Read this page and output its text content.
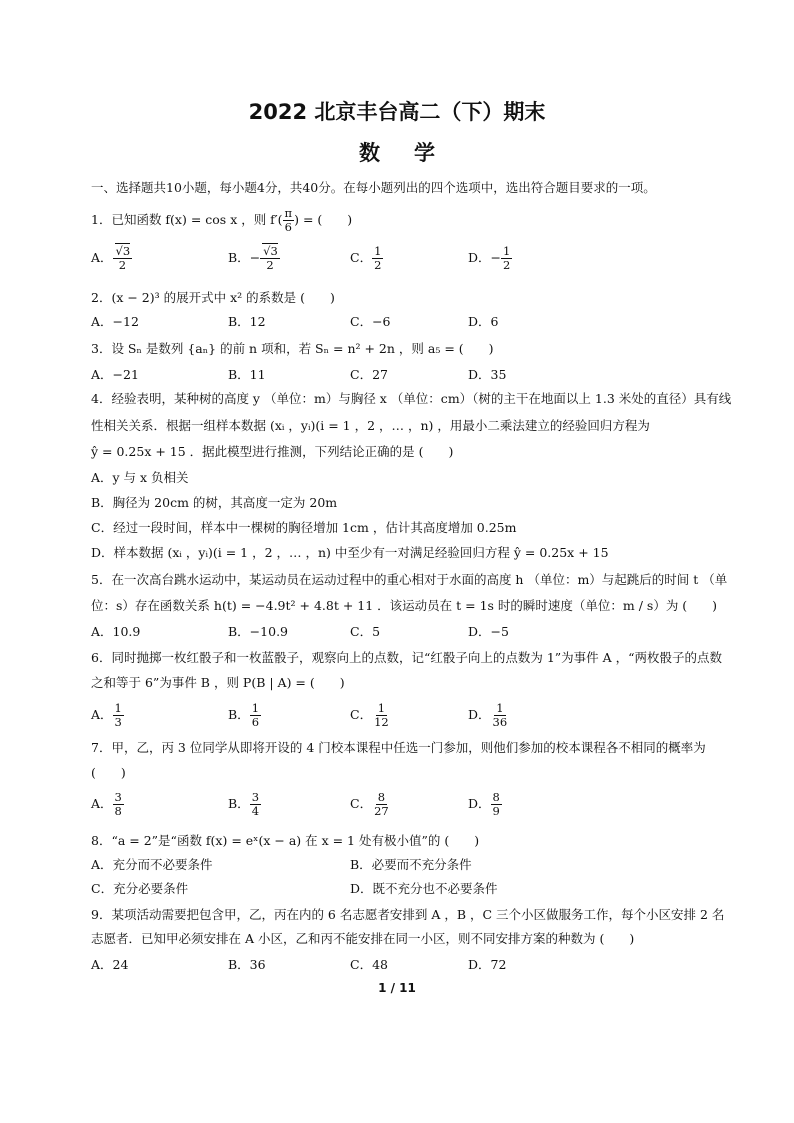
2022 北京丰台高二（下）期末
数学
一、选择题共10小题，每小题4分，共40分。在每小题列出的四个选项中，选出符合题目要求的一项。
1．已知函数 f(x) = cos x ，则 $f'( \frac{\pi}{6}$ ) = (　　)
A． $\frac{√3}{2}$	B．− $\frac{√3}{2}$	C． $\frac{1}{2}$	D．− $\frac{1}{2}$
2．(x − 2)³ 的展开式中 x² 的系数是 (　　)
A．−12	B．12	C．−6	D．6
3．设 Sₙ 是数列 {aₙ} 的前 n 项和，若 Sₙ = n² + 2n ，则 a₅ = (　　)
A．−21	B．11	C．27	D．35
4．经验表明，某种树的高度 y （单位：m）与胸径 x （单位：cm）（树的主干在地面以上 1.3 米处的直径）具有线
性相关关系．根据一组样本数据 (xᵢ ，yᵢ)(i = 1 ，2 ，… ，n) ，用最小二乘法建立的经验回归方程为
ŷ = 0.25x + 15 ．据此模型进行推测，下列结论正确的是 (　　)
A．y 与 x 负相关
B．胸径为 20cm 的树，其高度一定为 20m
C．经过一段时间，样本中一棵树的胸径增加 1cm ，估计其高度增加 0.25m
D．样本数据 (xᵢ ，yᵢ)(i = 1 ，2 ，… ，n) 中至少有一对满足经验回归方程 ŷ = 0.25x + 15
5．在一次高台跳水运动中，某运动员在运动过程中的重心相对于水面的高度 h （单位：m）与起跳后的时间 t （单
位：s）存在函数关系 h(t) = −4.9t² + 4.8t + 11 ．该运动员在 t = 1s 时的瞬时速度（单位：m / s）为 (　　)
A．10.9	B．−10.9	C．5	D．−5
6．同时抛掷一枚红骰子和一枚蓝骰子，观察向上的点数，记“红骰子向上的点数为 1”为事件 A ，“两枚骰子的点数
之和等于 6”为事件 B ，则 P(B | A) = (　　)
A． $\frac{1}{3}$	B． $\frac{1}{6}$	C． $\frac{1}{12}$	D． $\frac{1}{36}$
7．甲，乙，丙 3 位同学从即将开设的 4 门校本课程中任选一门参加，则他们参加的校本课程各不相同的概率为
(　　)
A． $\frac{3}{8}$	B． $\frac{3}{4}$	C． $\frac{8}{27}$	D． $\frac{8}{9}$
8．“a = 2”是“函数 f(x) = eˣ(x − a) 在 x = 1 处有极小值”的 (　　)
A．充分而不必要条件	B．必要而不充分条件
C．充分必要条件	D．既不充分也不必要条件
9．某项活动需要把包含甲，乙，丙在内的 6 名志愿者安排到 A ，B ，C 三个小区做服务工作，每个小区安排 2 名
志愿者．已知甲必须安排在 A 小区，乙和丙不能安排在同一小区，则不同安排方案的种数为 (　　)
A．24	B．36	C．48	D．72
1 / 11
